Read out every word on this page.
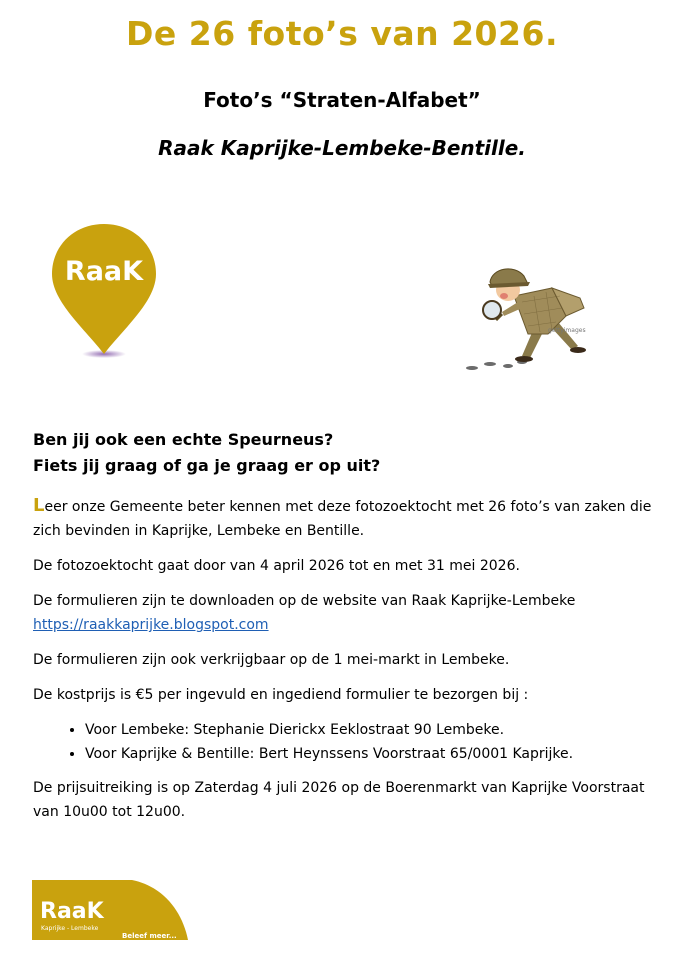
De 26 foto’s van 2026.
Foto’s “Straten-Alfabet”
Raak Kaprijke-Lembeke-Bentille.
RaaK
gettyimages
Ben jij ook een echte Speurneus?
Fiets jij graag of ga je graag er op uit?

Leer onze Gemeente beter kennen met deze fotozoektocht met 26 foto’s van zaken die zich bevinden in Kaprijke, Lembeke en Bentille.

De fotozoektocht gaat door van 4 april 2026 tot en met 31 mei 2026.

De formulieren zijn te downloaden op de website van Raak Kaprijke-Lembeke
https://raakkaprijke.blogspot.com

De formulieren zijn ook verkrijgbaar op de 1 mei-markt in Lembeke.

De kostprijs is €5 per ingevuld en ingediend formulier te bezorgen bij :

• Voor Lembeke: Stephanie Dierickx Eeklostraat 90 Lembeke.
• Voor Kaprijke & Bentille: Bert Heynssens Voorstraat 65/0001 Kaprijke.

De prijsuitreiking is op Zaterdag 4 juli 2026 op de Boerenmarkt van Kaprijke Voorstraat van 10u00 tot 12u00.

RaaK
Kaprijke - Lembeke
Beleef meer...
